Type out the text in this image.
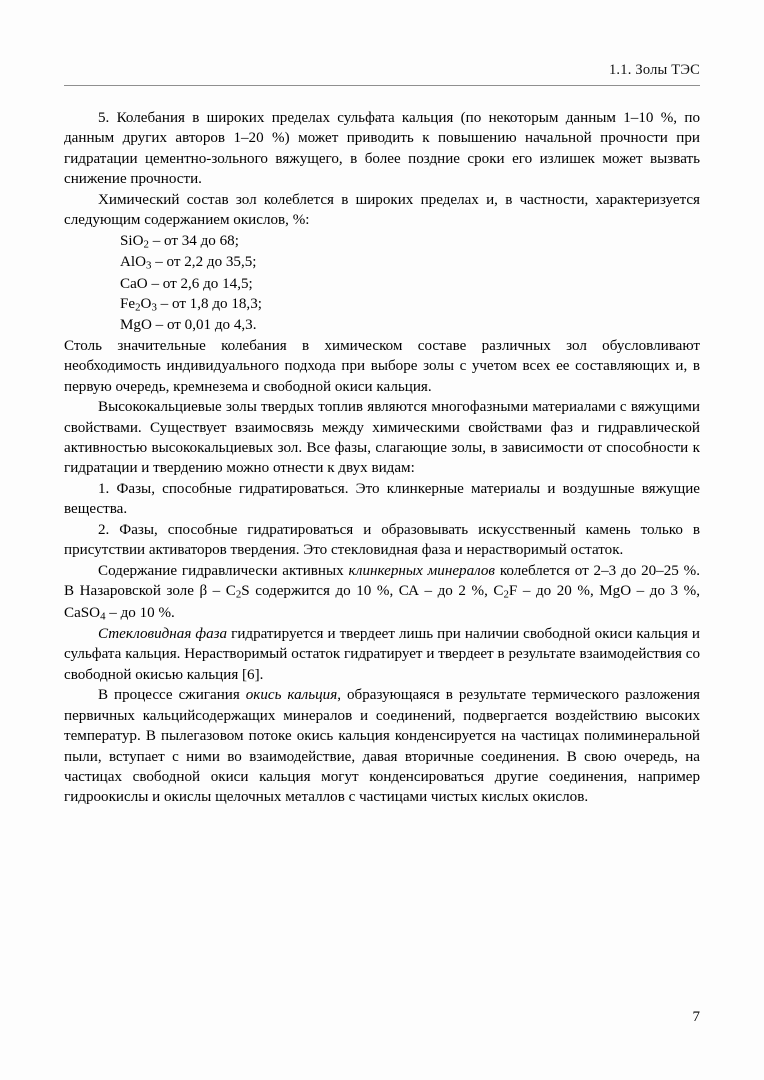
1.1. Золы ТЭС

5. Колебания в широких пределах сульфата кальция (по некоторым данным 1–10 %, по данным других авторов 1–20 %) может приводить к повышению начальной прочности при гидратации цементно-зольного вяжущего, в более поздние сроки его излишек может вызвать снижение прочности.

Химический состав зол колеблется в широких пределах и, в частности, характеризуется следующим содержанием окислов, %:

SiO$_2$ – от 34 до 68;
AlO$_3$ – от 2,2 до 35,5;
CaO – от 2,6 до 14,5;
$Fe_2O_3$ – от 1,8 до 18,3;
MgO – от 0,01 до 4,3.

Столь значительные колебания в химическом составе различных зол обусловливают необходимость индивидуального подхода при выборе золы с учетом всех ее составляющих и, в первую очередь, кремнезема и свободной окиси кальция.

Высококальциевые золы твердых топлив являются многофазными материалами с вяжущими свойствами. Существует взаимосвязь между химическими свойствами фаз и гидравлической активностью высококальциевых зол. Все фазы, слагающие золы, в зависимости от способности к гидратации и твердению можно отнести к двух видам:

1. Фазы, способные гидратироваться. Это клинкерные материалы и воздушные вяжущие вещества.

2. Фазы, способные гидратироваться и образовывать искусственный камень только в присутствии активаторов твердения. Это стекловидная фаза и нерастворимый остаток.

Содержание гидравлически активных клинкерных минералов колеблется от 2–3 до 20–25 %. В Назаровской золе β – $C_2S$ содержится до 10 %, СА – до 2 %, $C_2F$ – до 20 %, MgO – до 3 %, CaSO$_4$ – до 10 %.

Стекловидная фаза гидратируется и твердеет лишь при наличии свободной окиси кальция и сульфата кальция. Нерастворимый остаток гидратирует и твердеет в результате взаимодействия со свободной окисью кальция [6].

В процессе сжигания окись кальция, образующаяся в результате термического разложения первичных кальцийсодержащих минералов и соединений, подвергается воздействию высоких температур. В пылегазовом потоке окись кальция конденсируется на частицах полиминеральной пыли, вступает с ними во взаимодействие, давая вторичные соединения. В свою очередь, на частицах свободной окиси кальция могут конденсироваться другие соединения, например гидроокислы и окислы щелочных металлов с частицами чистых кислых окислов.

7
